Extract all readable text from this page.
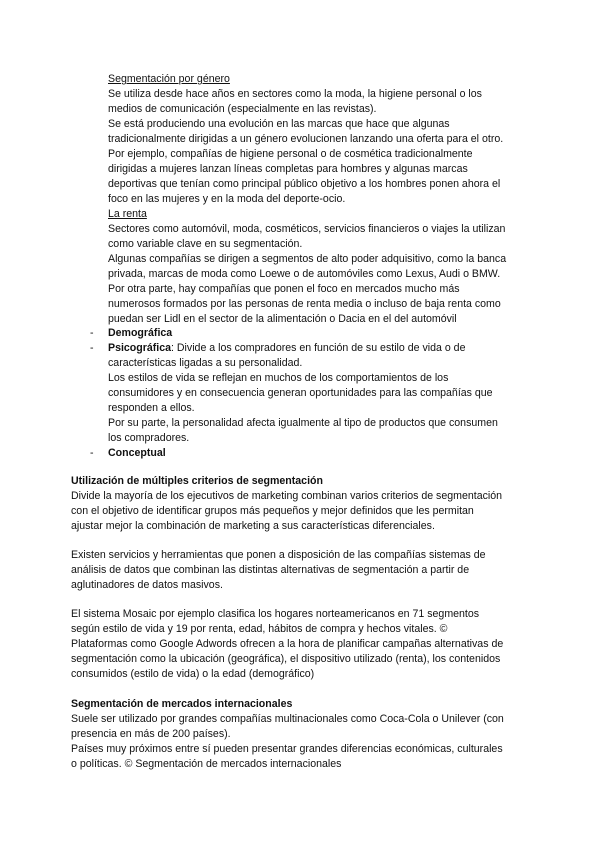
Segmentación por género
Se utiliza desde hace años en sectores como la moda, la higiene personal o los
medios de comunicación (especialmente en las revistas).
Se está produciendo una evolución en las marcas que hace que algunas
tradicionalmente dirigidas a un género evolucionen lanzando una oferta para el otro.
Por ejemplo, compañías de higiene personal o de cosmética tradicionalmente
dirigidas a mujeres lanzan líneas completas para hombres y algunas marcas
deportivas que tenían como principal público objetivo a los hombres ponen ahora el
foco en las mujeres y en la moda del deporte-ocio.
La renta
Sectores como automóvil, moda, cosméticos, servicios financieros o viajes la utilizan
como variable clave en su segmentación.
Algunas compañías se dirigen a segmentos de alto poder adquisitivo, como la banca
privada, marcas de moda como Loewe o de automóviles como Lexus, Audi o BMW.
Por otra parte, hay compañías que ponen el foco en mercados mucho más
numerosos formados por las personas de renta media o incluso de baja renta como
puedan ser Lidl en el sector de la alimentación o Dacia en el del automóvil
- Demográfica
- Psicográfica: Divide a los compradores en función de su estilo de vida o de
características ligadas a su personalidad.
Los estilos de vida se reflejan en muchos de los comportamientos de los
consumidores y en consecuencia generan oportunidades para las compañías que
responden a ellos.
Por su parte, la personalidad afecta igualmente al tipo de productos que consumen
los compradores.
- Conceptual
Utilización de múltiples criterios de segmentación
Divide la mayoría de los ejecutivos de marketing combinan varios criterios de segmentación
con el objetivo de identificar grupos más pequeños y mejor definidos que les permitan
ajustar mejor la combinación de marketing a sus características diferenciales.
Existen servicios y herramientas que ponen a disposición de las compañías sistemas de
análisis de datos que combinan las distintas alternativas de segmentación a partir de
aglutinadores de datos masivos.
El sistema Mosaic por ejemplo clasifica los hogares norteamericanos en 71 segmentos
según estilo de vida y 19 por renta, edad, hábitos de compra y hechos vitales. ©
Plataformas como Google Adwords ofrecen a la hora de planificar campañas alternativas de
segmentación como la ubicación (geográfica), el dispositivo utilizado (renta), los contenidos
consumidos (estilo de vida) o la edad (demográfico)
Segmentación de mercados internacionales
Suele ser utilizado por grandes compañías multinacionales como Coca-Cola o Unilever (con
presencia en más de 200 países).
Países muy próximos entre sí pueden presentar grandes diferencias económicas, culturales
o políticas. © Segmentación de mercados internacionales
